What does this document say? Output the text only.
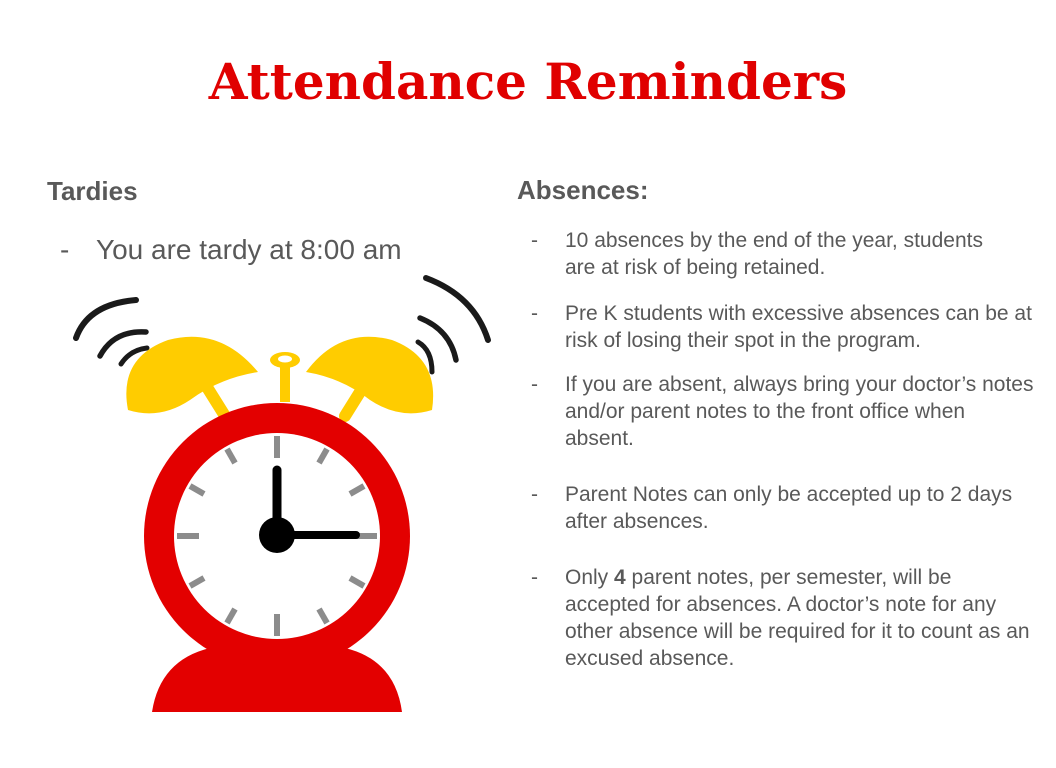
Attendance Reminders
Tardies
- You are tardy at 8:00 am
Absences:
- 10 absences by the end of the year, students are at risk of being retained.
- Pre K students with excessive absences can be at risk of losing their spot in the program.
- If you are absent, always bring your doctor’s notes and/or parent notes to the front office when absent.
- Parent Notes can only be accepted up to 2 days after absences.
- Only 4 parent notes, per semester, will be accepted for absences. A doctor’s note for any other absence will be required for it to count as an excused absence.
